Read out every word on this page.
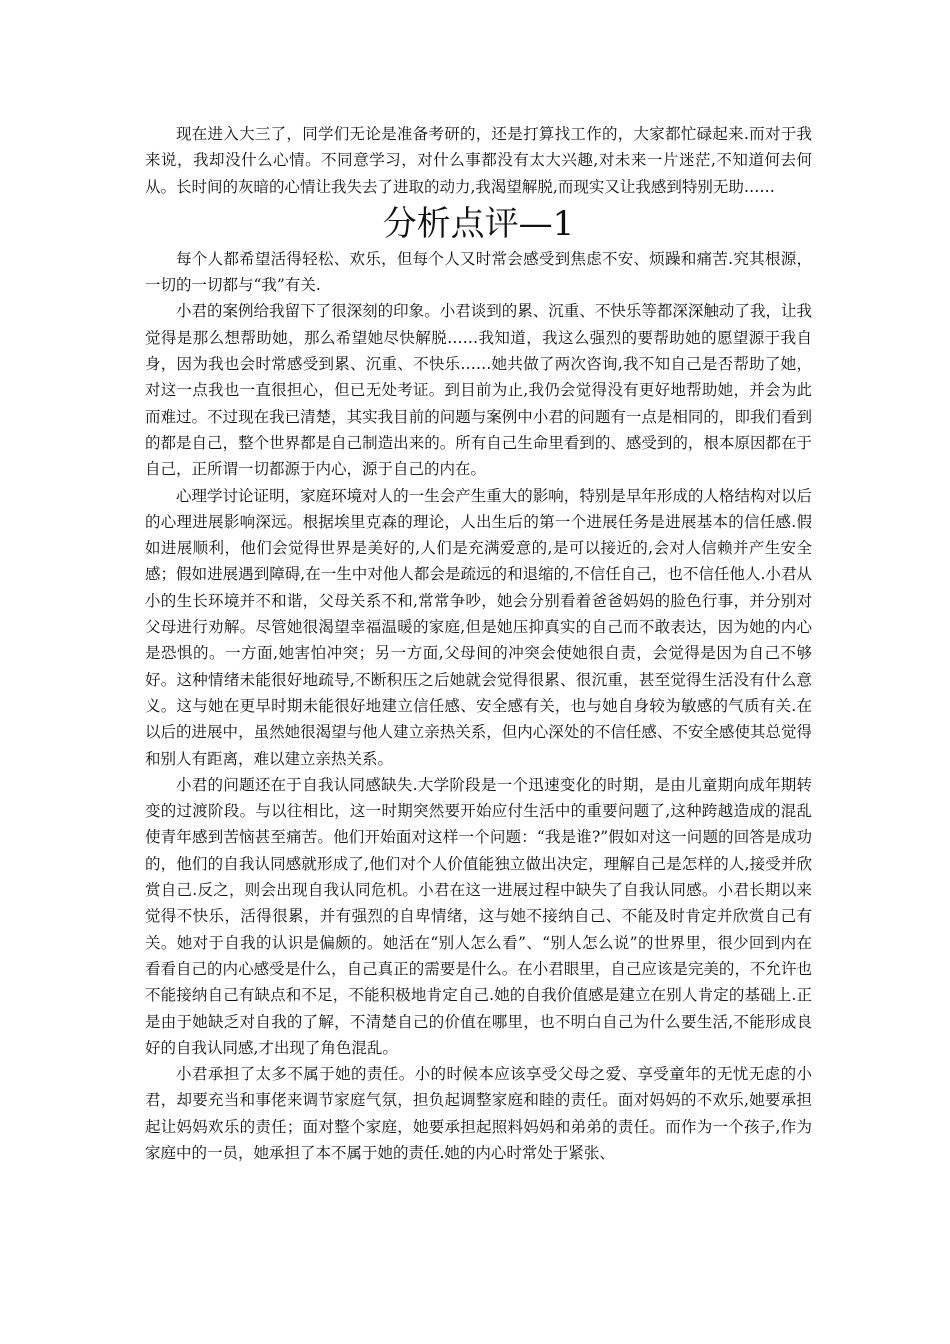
现在进入大三了，同学们无论是准备考研的，还是打算找工作的，大家都忙碌起来.而对于我来说，我却没什么心情。不同意学习，对什么事都没有太大兴趣,对未来一片迷茫,不知道何去何从。长时间的灰暗的心情让我失去了进取的动力,我渴望解脱,而现实又让我感到特别无助……

分析点评—1

每个人都希望活得轻松、欢乐，但每个人又时常会感受到焦虑不安、烦躁和痛苦.究其根源，一切的一切都与“我”有关.

小君的案例给我留下了很深刻的印象。小君谈到的累、沉重、不快乐等都深深触动了我，让我觉得是那么想帮助她，那么希望她尽快解脱……我知道，我这么强烈的要帮助她的愿望源于我自身，因为我也会时常感受到累、沉重、不快乐……她共做了两次咨询,我不知自己是否帮助了她，对这一点我也一直很担心，但已无处考证。到目前为止,我仍会觉得没有更好地帮助她，并会为此而难过。不过现在我已清楚，其实我目前的问题与案例中小君的问题有一点是相同的，即我们看到的都是自己，整个世界都是自己制造出来的。所有自己生命里看到的、感受到的，根本原因都在于自己，正所谓一切都源于内心，源于自己的内在。

心理学讨论证明，家庭环境对人的一生会产生重大的影响，特别是早年形成的人格结构对以后的心理进展影响深远。根据埃里克森的理论，人出生后的第一个进展任务是进展基本的信任感.假如进展顺利，他们会觉得世界是美好的,人们是充满爱意的,是可以接近的,会对人信赖并产生安全感；假如进展遇到障碍,在一生中对他人都会是疏远的和退缩的,不信任自己，也不信任他人.小君从小的生长环境并不和谐，父母关系不和,常常争吵，她会分别看着爸爸妈妈的脸色行事，并分别对父母进行劝解。尽管她很渴望幸福温暖的家庭,但是她压抑真实的自己而不敢表达，因为她的内心是恐惧的。一方面,她害怕冲突；另一方面,父母间的冲突会使她很自责，会觉得是因为自己不够好。这种情绪未能很好地疏导,不断积压之后她就会觉得很累、很沉重，甚至觉得生活没有什么意义。这与她在更早时期未能很好地建立信任感、安全感有关，也与她自身较为敏感的气质有关.在以后的进展中，虽然她很渴望与他人建立亲热关系，但内心深处的不信任感、不安全感使其总觉得和别人有距离，难以建立亲热关系。

小君的问题还在于自我认同感缺失.大学阶段是一个迅速变化的时期，是由儿童期向成年期转变的过渡阶段。与以往相比，这一时期突然要开始应付生活中的重要问题了,这种跨越造成的混乱使青年感到苦恼甚至痛苦。他们开始面对这样一个问题：“我是谁?”假如对这一问题的回答是成功的，他们的自我认同感就形成了,他们对个人价值能独立做出决定，理解自己是怎样的人,接受并欣赏自己.反之，则会出现自我认同危机。小君在这一进展过程中缺失了自我认同感。小君长期以来觉得不快乐，活得很累，并有强烈的自卑情绪，这与她不接纳自己、不能及时肯定并欣赏自己有关。她对于自我的认识是偏颇的。她活在“别人怎么看”、“别人怎么说”的世界里，很少回到内在看看自己的内心感受是什么，自己真正的需要是什么。在小君眼里，自己应该是完美的，不允许也不能接纳自己有缺点和不足，不能积极地肯定自己.她的自我价值感是建立在别人肯定的基础上.正是由于她缺乏对自我的了解，不清楚自己的价值在哪里，也不明白自己为什么要生活,不能形成良好的自我认同感,才出现了角色混乱。

小君承担了太多不属于她的责任。小的时候本应该享受父母之爱、享受童年的无忧无虑的小君，却要充当和事佬来调节家庭气氛，担负起调整家庭和睦的责任。面对妈妈的不欢乐,她要承担起让妈妈欢乐的责任；面对整个家庭，她要承担起照料妈妈和弟弟的责任。而作为一个孩子,作为家庭中的一员，她承担了本不属于她的责任.她的内心时常处于紧张、
